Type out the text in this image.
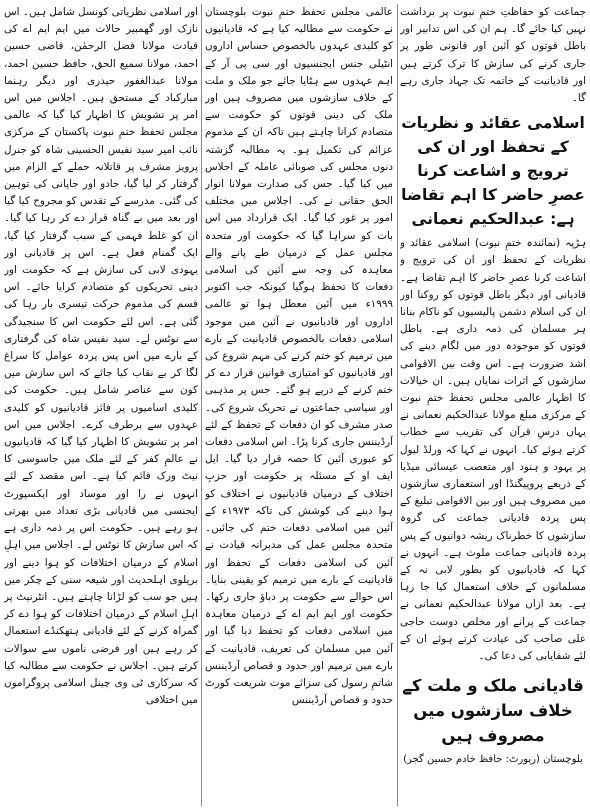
جماعت کو حفاظتِ ختمِ نبوت پر برداشت نہیں کیا جائے گا۔ ہم ان کی اس تدابیر اور باطل قوتوں کو آئین اور قانونی طور پر جاری کرنے کی سازش کا ترک کرتے ہیں اور قادیانیت کے خاتمہ تک جہاد جاری رہے گا۔

اسلامی عقائد و نظریات کے تحفظ اور ان کی ترویج و اشاعت کرنا عصرِ حاضر کا اہم تقاضا ہے: عبدالحکیم نعمانی

ہڑپہ (نمائندہ ختمِ نبوت) اسلامی عقائد و نظریات کے تحفظ اور ان کی ترویج و اشاعت کرنا عصرِ حاضر کا اہم تقاضا ہے۔ قادیانی اور دیگر باطل قوتوں کو روکنا اور ان کی اسلام دشمن پالیسیوں کو ناکام بنانا ہر مسلمان کی ذمہ داری ہے۔ باطل قوتوں کو موجودہ دور میں لگام دینے کی اشد ضرورت ہے۔ اس وقت بین الاقوامی سازشوں کے اثرات نمایاں ہیں۔ ان خیالات کا اظہار عالمی مجلس تحفظ ختمِ نبوت کے مرکزی مبلغ مولانا عبدالحکیم نعمانی نے یہاں درسِ قرآن کی تقریب سے خطاب کرتے ہوئے کیا۔ انہوں نے کہا کہ ورلڈ لیول پر یہود و ہنود اور متعصب عیسائی میڈیا کے ذریعے پروپیگنڈا اور استعماری سازشوں میں مصروف ہیں اور بین الاقوامی تبلیغ کے پس پردہ قادیانی جماعت کی گروہ سازشوں کا خطرناک ریشہ دوانیوں کے پس پردہ قادیانی جماعت ملوث ہے۔ انہوں نے کہا کہ قادیانیوں کو بطور لابی نہ کے مسلمانوں کے خلاف استعمال کیا جا رہا ہے۔ بعد ازاں مولانا عبدالحکیم نعمانی نے جماعت کے پرانے اور مخلص دوست حاجی علی صاحب کی عیادت کرتے ہوئے ان کے لئے شفایابی کی دعا کی۔

قادیانی ملک و ملت کے خلاف سازشوں میں مصروف ہیں
بلوچستان (رپورٹ: حافظ خادم حسین گجر)

عالمی مجلس تحفظ ختمِ نبوت بلوچستان نے حکومت سے مطالبہ کیا ہے کہ قادیانیوں کو کلیدی عہدوں بالخصوص حساس اداروں انٹیلی جنس ایجنسیوں اور سی پی آر کے اہم عہدوں سے ہٹایا جائے جو ملک و ملت کے خلاف سازشوں میں مصروف ہیں اور ملک کی دینی قوتوں کو حکومت سے متصادم کرانا چاہتے ہیں تاکہ ان کے مذموم عزائم کی تکمیل ہو۔ یہ مطالبہ گزشتہ دنوں مجلس کی صوبائی عاملہ کے اجلاس میں کیا گیا۔ جس کی صدارت مولانا انوار الحق حقانی نے کی۔ اجلاس میں مختلف امور پر غور کیا گیا۔ ایک قرارداد میں اس بات کو سراہا گیا کہ حکومت اور متحدہ مجلس عمل کے درمیان طے پانے والے معاہدہ کی وجہ سے آئین کی اسلامی دفعات کا تحفظ ہوگیا کیونکہ جب اکتوبر ۱۹۹۹ء میں آئین معطل ہوا تو عالمی اداروں اور قادیانیوں نے آئین میں موجود اسلامی دفعات بالخصوص قادیانیت کے بارے میں ترمیم کو ختم کرنے کی مہم شروع کی اور قادیانیوں کو امتیازی قوانین قرار دے کر ختم کرنے کے درپے ہو گئے۔ جس پر مذہبی اور سیاسی جماعتوں نے تحریک شروع کی۔ صدر مشرف کو ان دفعات کے تحفظ کے لئے آرڈیننس جاری کرنا پڑا۔ اس اسلامی دفعات کو عبوری آئین کا حصہ قرار دیا گیا۔ ایل ایف او کے مسئلہ پر حکومت اور حزبِ اختلاف کے درمیان قادیانیوں نے اختلاف کو ہوا دینے کی کوشش کی تاکہ ۱۹۷۳ء کے آئین میں اسلامی دفعات ختم کی جائیں۔ متحدہ مجلس عمل کی مدبرانہ قیادت نے آئین کی اسلامی دفعات کے تحفظ اور قادیانیت کے بارے میں ترمیم کو یقینی بنایا۔ اس حوالے سے حکومت پر دباؤ جاری رکھا۔ حکومت اور ایم ایم اے کے درمیان معاہدہ میں اسلامی دفعات کو تحفظ دیا گیا اور آئین میں مسلمان کی تعریف، قادیانیت کے بارے میں ترمیم اور حدود و قصاص آرڈیننس شاتمِ رسول کی سزائے موت شریعت کورٹ حدود و قصاص آرڈیننس

اور اسلامی نظریاتی کونسل شامل ہیں۔ اس نازک اور گھمبیر حالات میں ایم ایم اے کی قیادت مولانا فضل الرحمٰن، قاضی حسین احمد، مولانا سمیع الحق، حافظ حسین احمد، مولانا عبدالغفور حیدری اور دیگر رہنما مبارکباد کے مستحق ہیں۔ اجلاس میں اس امر پر تشویش کا اظہار کیا گیا کہ عالمی مجلس تحفظ ختمِ نبوت پاکستان کے مرکزی نائب امیر سید نفیس الحسینی شاہ کو جنرل پرویز مشرف پر قاتلانہ حملے کے الزام میں گرفتار کر لیا گیا، جادو اور جاپانی کی توہین کی گئی۔ مدرسے کے تقدس کو مجروح کیا گیا اور بعد میں بے گناہ قرار دے کر رہا کیا گیا۔ ان کو غلط فہمی کے سبب گرفتار کیا گیا، ایک گمنام فعل ہے۔ اس پر قادیانی اور یہودی لابی کی سازش ہے کہ حکومت اور دینی تحریکوں کو متصادم کرایا جائے۔ اس قسم کی مذموم حرکت تیسری بار رہا کی گئی ہے۔ اس لئے حکومت اس کا سنجیدگی سے نوٹس لے۔ سید نفیس شاہ کی گرفتاری کے بارے میں اس پس پردہ عوامل کا سراغ لگا کر بے نقاب کیا جائے کہ اس سازش میں کون سے عناصر شامل ہیں۔ حکومت کی کلیدی اسامیوں پر فائز قادیانیوں کو کلیدی عہدوں سے برطرف کرے۔ اجلاس میں اس امر پر تشویش کا اظہار کیا گیا کہ قادیانیوں نے عالمِ کفر کے لئے ملک میں جاسوسی کا نیٹ ورک قائم کیا ہے۔ اس مقصد کے لئے انہوں نے را اور موساد اور ایکسپورٹ ایجنسی میں قادیانی بڑی تعداد میں بھرتی ہو رہے ہیں۔ حکومت اس پر ذمہ داری ہے کہ اس سازش کا نوٹس لے۔ اجلاس میں اہلِ اسلام کے درمیان اختلافات کو ہوا دینے اور بریلوی اہلحدیث اور شیعہ سنی کے چکر میں ہیں جو سب کو لڑانا چاہتے ہیں۔ انٹرنیٹ پر اہلِ اسلام کے درمیان اختلافات کو ہوا دے کر گمراہ کرنے کے لئے قادیانی ہتھکنڈے استعمال کر رہے ہیں اور فرضی ناموں سے سوالات کرتے ہیں۔ اجلاس نے حکومت سے مطالبہ کیا کہ سرکاری ٹی وی چینل اسلامی پروگراموں میں اختلافی
